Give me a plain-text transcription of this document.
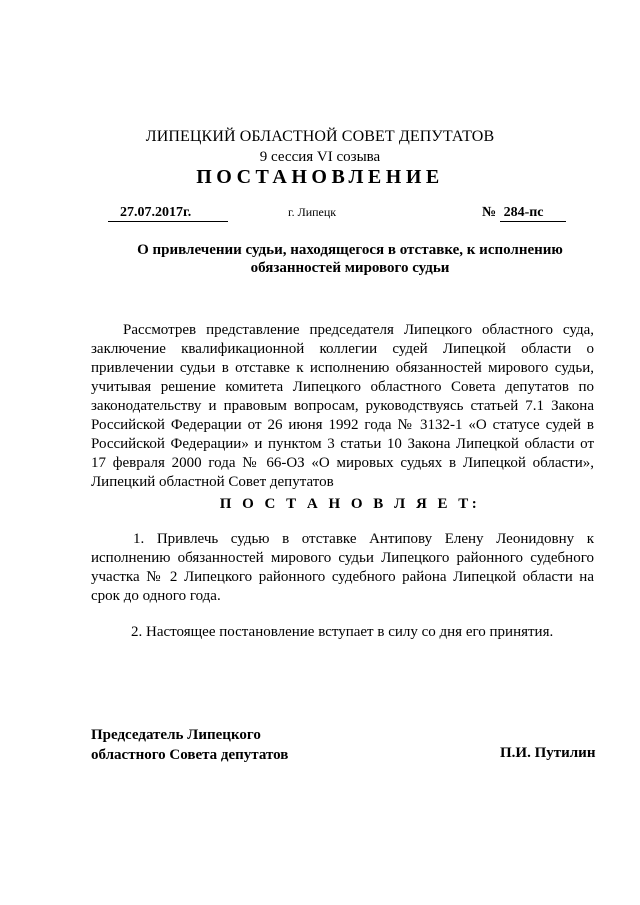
ЛИПЕЦКИЙ ОБЛАСТНОЙ СОВЕТ ДЕПУТАТОВ
9 сессия VI созыва
ПОСТАНОВЛЕНИЕ
27.07.2017г.	г. Липецк	№ 284-пс
О привлечении судьи, находящегося в отставке, к исполнению
обязанностей мирового судьи
Рассмотрев представление председателя Липецкого областного суда, заключение квалификационной коллегии судей Липецкой области о привлечении судьи в отставке к исполнению обязанностей мирового судьи, учитывая решение комитета Липецкого областного Совета депутатов по законодательству и правовым вопросам, руководствуясь статьей 7.1 Закона Российской Федерации от 26 июня 1992 года № 3132-1 «О статусе судей в Российской Федерации» и пунктом 3 статьи 10 Закона Липецкой области от 17 февраля 2000 года № 66-ОЗ «О мировых судьях в Липецкой области», Липецкий областной Совет депутатов
П О С Т А Н О В Л Я Е Т:
1. Привлечь судью в отставке Антипову Елену Леонидовну к исполнению обязанностей мирового судьи Липецкого районного судебного участка № 2 Липецкого районного судебного района Липецкой области на срок до одного года.
2. Настоящее постановление вступает в силу со дня его принятия.
Председатель Липецкого
областного Совета депутатов	П.И. Путилин
